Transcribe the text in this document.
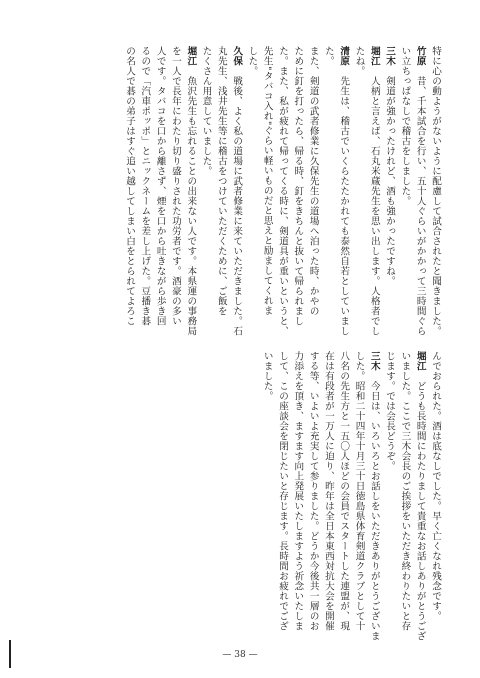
特に心の動ようがないように配慮して試合されたと聞きました。
竹原　昔、千本試合を行い、五十人ぐらいがかかって三時間ぐら
い立ちっぱなしで稽古をしました。
三木　剣道が強かったけれど、酒も強かったですね。
堀江　人柄と言えば、石丸米蔵先生を思い出します。人格者でし
たね。
清原　先生は、稽古でいくらたたかれても泰然自若としていまし
た。
また、剣道の武者修業に久保先生の道場へ泊った時、かやの
ために釘を打ったら、帰る時、釘をきちんと抜いて帰られまし
た。また、私が疲れて帰ってくる時に、剣道具が重いというと、
先生"タバコ入れ"ぐらい軽いものだと思えと励ましてくれま
した。
久保　戦後、よく私の道場に武者修業に来ていただきました。石
丸先生、浅井先生等に稽古をつけていただくために、ご飯を
たくさん用意していました。
堀江　魚沢先生も忘れることの出来ない人です。本県運の事務局
を一人で長年にわたり切り盛りされた功労者です。酒豪の多い
人です。タバコを口から離さず、煙を口から吐きながら歩き回
るので「汽車ポッポ」とニックネームを差し上げた。豆播き碁
の名人で碁の弟子はすぐ追い越してしまい白をとられてよろこ
んでおられた。酒は底なしでした。早く亡くなれ残念です。
堀江　どうも長時間にわたりまして貴重なお話しありがとうござ
いました。ここで三木会長のご挨拶をいただき終わりたいと存
じます。では会長どうぞ。
三木　今日は、いろいろとお話しをいただきありがとうございま
した。昭和二十四年十月三十日徳島県体育剣道クラブとして十
八名の先生方と一五〇人ほどの会員でスタートした連盟が、現
在は有段者が一万人に迫り、昨年は全日本東西対抗大会を開催
する等、いよいよ充実して参りました。どうか今後共一層のお
力添えを頂き、ますます向上発展いたしますよう祈念いたしま
して、この座談会を閉じたいと存じます。長時間お疲れでござ
いました。
— 38 —
